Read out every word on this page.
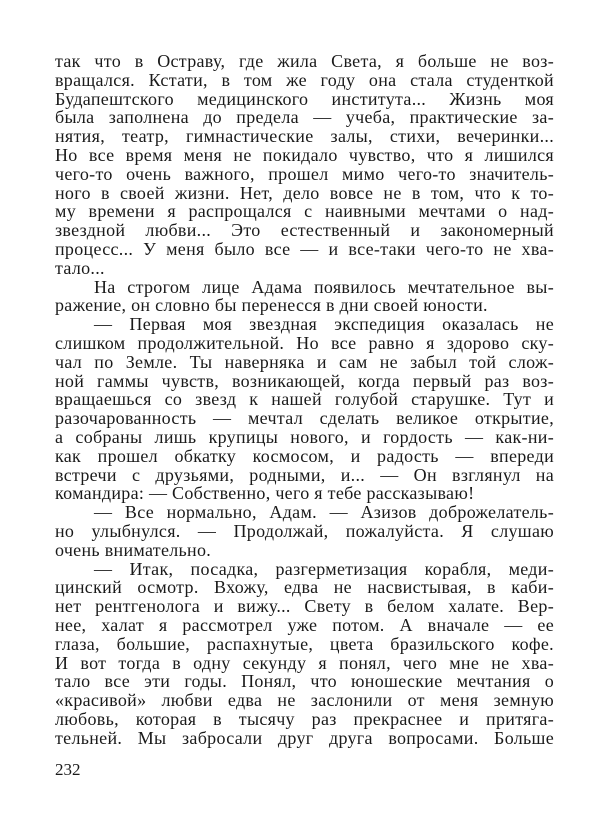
так что в Остраву, где жила Света, я больше не воз-
вращался. Кстати, в том же году она стала студенткой
Будапештского медицинского института... Жизнь моя
была заполнена до предела — учеба, практические за-
нятия, театр, гимнастические залы, стихи, вечеринки...
Но все время меня не покидало чувство, что я лишился
чего-то очень важного, прошел мимо чего-то значитель-
ного в своей жизни. Нет, дело вовсе не в том, что к то-
му времени я распрощался с наивными мечтами о над-
звездной любви... Это естественный и закономерный
процесс... У меня было все — и все-таки чего-то не хва-
тало...
На строгом лице Адама появилось мечтательное вы-
ражение, он словно бы перенесся в дни своей юности.
— Первая моя звездная экспедиция оказалась не
слишком продолжительной. Но все равно я здорово ску-
чал по Земле. Ты наверняка и сам не забыл той слож-
ной гаммы чувств, возникающей, когда первый раз воз-
вращаешься со звезд к нашей голубой старушке. Тут и
разочарованность — мечтал сделать великое открытие,
а собраны лишь крупицы нового, и гордость — как-ни-
как прошел обкатку космосом, и радость — впереди
встречи с друзьями, родными, и... — Он взглянул на
командира: — Собственно, чего я тебе рассказываю!
— Все нормально, Адам. — Азизов доброжелатель-
но улыбнулся. — Продолжай, пожалуйста. Я слушаю
очень внимательно.
— Итак, посадка, разгерметизация корабля, меди-
цинский осмотр. Вхожу, едва не насвистывая, в каби-
нет рентгенолога и вижу... Свету в белом халате. Вер-
нее, халат я рассмотрел уже потом. А вначале — ее
глаза, большие, распахнутые, цвета бразильского кофе.
И вот тогда в одну секунду я понял, чего мне не хва-
тало все эти годы. Понял, что юношеские мечтания о
«красивой» любви едва не заслонили от меня земную
любовь, которая в тысячу раз прекраснее и притяга-
тельней. Мы забросали друг друга вопросами. Больше
232
